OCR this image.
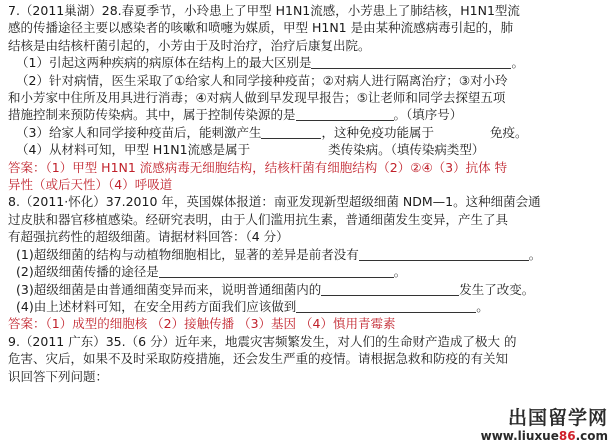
7.（2011巢湖）28.春夏季节，小玲患上了甲型 H1N1流感，小芳患上了肺结核，H1N1型流
感的传播途径主要以感染者的咳嗽和喷嚏为媒质，甲型 H1N1 是由某种流感病毒引起的，肺
结核是由结核杆菌引起的，小芳由于及时治疗，治疗后康复出院。
（1）引起这两种疾病的病原体在结构上的最大区别是	。
（2）针对病情，医生采取了①给家人和同学接种疫苗；②对病人进行隔离治疗；③对小玲
和小芳家中住所及用具进行消毒；④对病人做到早发现早报告；⑤让老师和同学去探望五项
措施控制来预防传染病。其中，属于控制传染源的是	。（填序号）
（3）给家人和同学接种疫苗后，能刺激产生	，这种免疫功能属于	免疫。
（4）从材料可知，甲型 H1N1流感是属于	类传染病。（填传染病类型）
答案：（1）甲型 H1N1 流感病毒无细胞结构，结核杆菌有细胞结构（2）②④（3）抗体 特
异性（或后天性）（4）呼吸道
8.（2011·怀化）37.2010 年，英国媒体报道：南亚发现新型超级细菌 NDM—1。这种细菌会通
过皮肤和器官移植感染。经研究表明，由于人们滥用抗生素，普通细菌发生变异，产生了具
有超强抗药性的超级细菌。请据材料回答：（4 分）
(1)超级细菌的结构与动植物细胞相比，显著的差异是前者没有	。
(2)超级细菌传播的途径是	。
(3)超级细菌是由普通细菌变异而来，说明普通细菌内的	发生了改变。
(4)由上述材料可知，在安全用药方面我们应该做到	。
答案：（1）成型的细胞核 （2）接触传播 （3）基因 （4）慎用青霉素
9.（2011 广东）35.（6 分）近年来，地震灾害频繁发生，对人们的生命财产造成了极大 的
危害、灾后，如果不及时采取防疫措施，还会发生严重的疫情。请根据急救和防疫的有关知
识回答下列问题：
出国留学网
www.liuxue86.com
